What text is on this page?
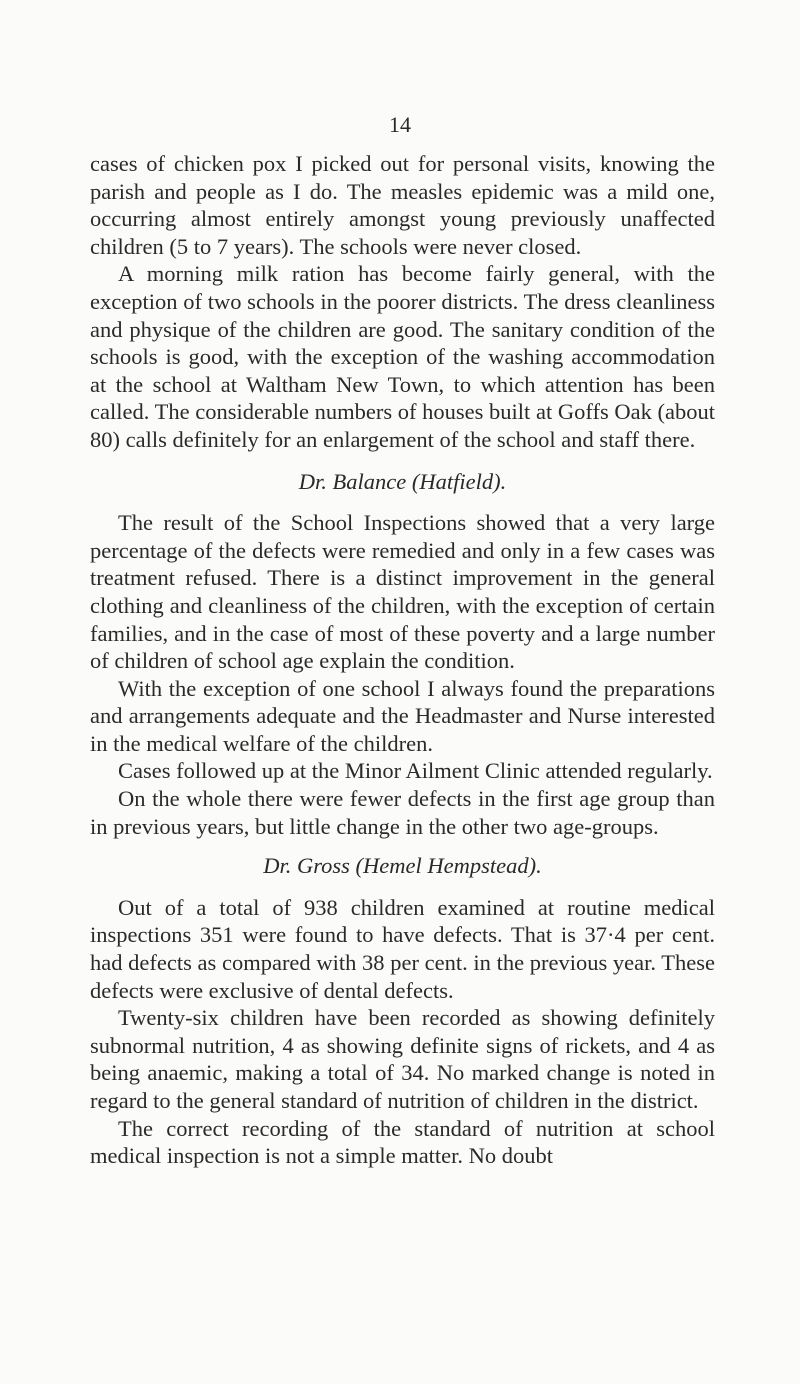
14

cases of chicken pox I picked out for personal visits, knowing the parish and people as I do. The measles epidemic was a mild one, occurring almost entirely amongst young previously unaffected children (5 to 7 years). The schools were never closed.

A morning milk ration has become fairly general, with the exception of two schools in the poorer districts. The dress cleanliness and physique of the children are good. The sanitary condition of the schools is good, with the exception of the washing accommodation at the school at Waltham New Town, to which attention has been called. The considerable numbers of houses built at Goffs Oak (about 80) calls definitely for an enlargement of the school and staff there.

Dr. Balance (Hatfield).

The result of the School Inspections showed that a very large percentage of the defects were remedied and only in a few cases was treatment refused. There is a distinct improvement in the general clothing and cleanliness of the children, with the exception of certain families, and in the case of most of these poverty and a large number of children of school age explain the condition.

With the exception of one school I always found the preparations and arrangements adequate and the Headmaster and Nurse interested in the medical welfare of the children.

Cases followed up at the Minor Ailment Clinic attended regularly.

On the whole there were fewer defects in the first age group than in previous years, but little change in the other two age-groups.

Dr. Gross (Hemel Hempstead).

Out of a total of 938 children examined at routine medical inspections 351 were found to have defects. That is 37·4 per cent. had defects as compared with 38 per cent. in the previous year. These defects were exclusive of dental defects.

Twenty-six children have been recorded as showing definitely subnormal nutrition, 4 as showing definite signs of rickets, and 4 as being anaemic, making a total of 34. No marked change is noted in regard to the general standard of nutrition of children in the district.

The correct recording of the standard of nutrition at school medical inspection is not a simple matter. No doubt
